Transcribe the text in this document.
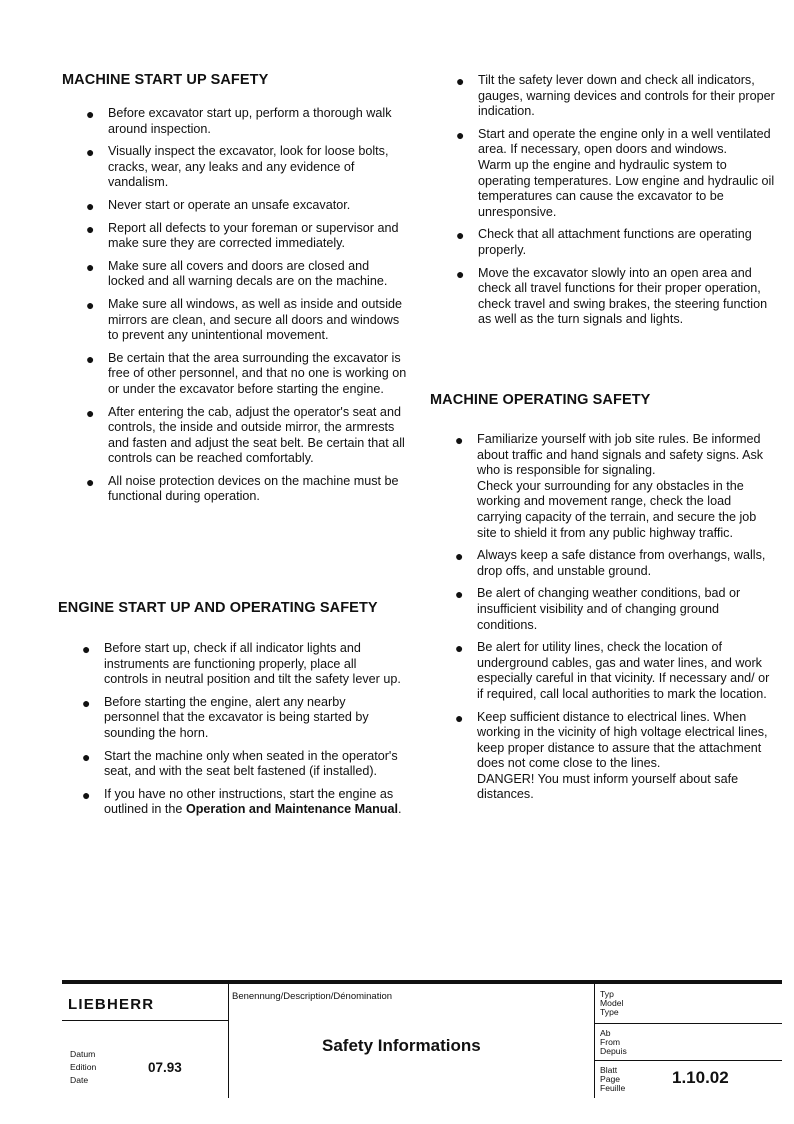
MACHINE START UP SAFETY
● Before excavator start up, perform a thorough walk around inspection.
● Visually inspect the excavator, look for loose bolts, cracks, wear, any leaks and any evidence of vandalism.
● Never start or operate an unsafe excavator.
● Report all defects to your foreman or supervisor and make sure they are corrected immediately.
● Make sure all covers and doors are closed and locked and all warning decals are on the machine.
● Make sure all windows, as well as inside and outside mirrors are clean, and secure all doors and windows to prevent any unintentional movement.
● Be certain that the area surrounding the excavator is free of other personnel, and that no one is working on or under the excavator before starting the engine.
● After entering the cab, adjust the operator's seat and controls, the inside and outside mirror, the armrests and fasten and adjust the seat belt. Be certain that all controls can be reached comfortably.
● All noise protection devices on the machine must be functional during operation.
ENGINE START UP AND OPERATING SAFETY
● Before start up, check if all indicator lights and instruments are functioning properly, place all controls in neutral position and tilt the safety lever up.
● Before starting the engine, alert any nearby personnel that the excavator is being started by sounding the horn.
● Start the machine only when seated in the operator's seat, and with the seat belt fastened (if installed).
● If you have no other instructions, start the engine as outlined in the Operation and Maintenance Manual.
● Tilt the safety lever down and check all indicators, gauges, warning devices and controls for their proper indication.
● Start and operate the engine only in a well ventilated area. If necessary, open doors and windows.
Warm up the engine and hydraulic system to operating temperatures. Low engine and hydraulic oil temperatures can cause the excavator to be unresponsive.
● Check that all attachment functions are operating properly.
● Move the excavator slowly into an open area and check all travel functions for their proper operation, check travel and swing brakes, the steering function as well as the turn signals and lights.
MACHINE OPERATING SAFETY
● Familiarize yourself with job site rules. Be informed about traffic and hand signals and safety signs. Ask who is responsible for signaling.
Check your surrounding for any obstacles in the working and movement range, check the load carrying capacity of the terrain, and secure the job site to shield it from any public highway traffic.
● Always keep a safe distance from overhangs, walls, drop offs, and unstable ground.
● Be alert of changing weather conditions, bad or insufficient visibility and of changing ground conditions.
● Be alert for utility lines, check the location of underground cables, gas and water lines, and work especially careful in that vicinity. If necessary and/ or if required, call local authorities to mark the location.
● Keep sufficient distance to electrical lines. When working in the vicinity of high voltage electrical lines, keep proper distance to assure that the attachment does not come close to the lines.
DANGER! You must inform yourself about safe distances.
LIEBHERR	Benennung/Description/Dénomination
Safety Informations
Datum
Edition
Date
07.93
Typ
Model
Type
Ab
From
Depuis
Blatt
Page
Feuille
1.10.02
